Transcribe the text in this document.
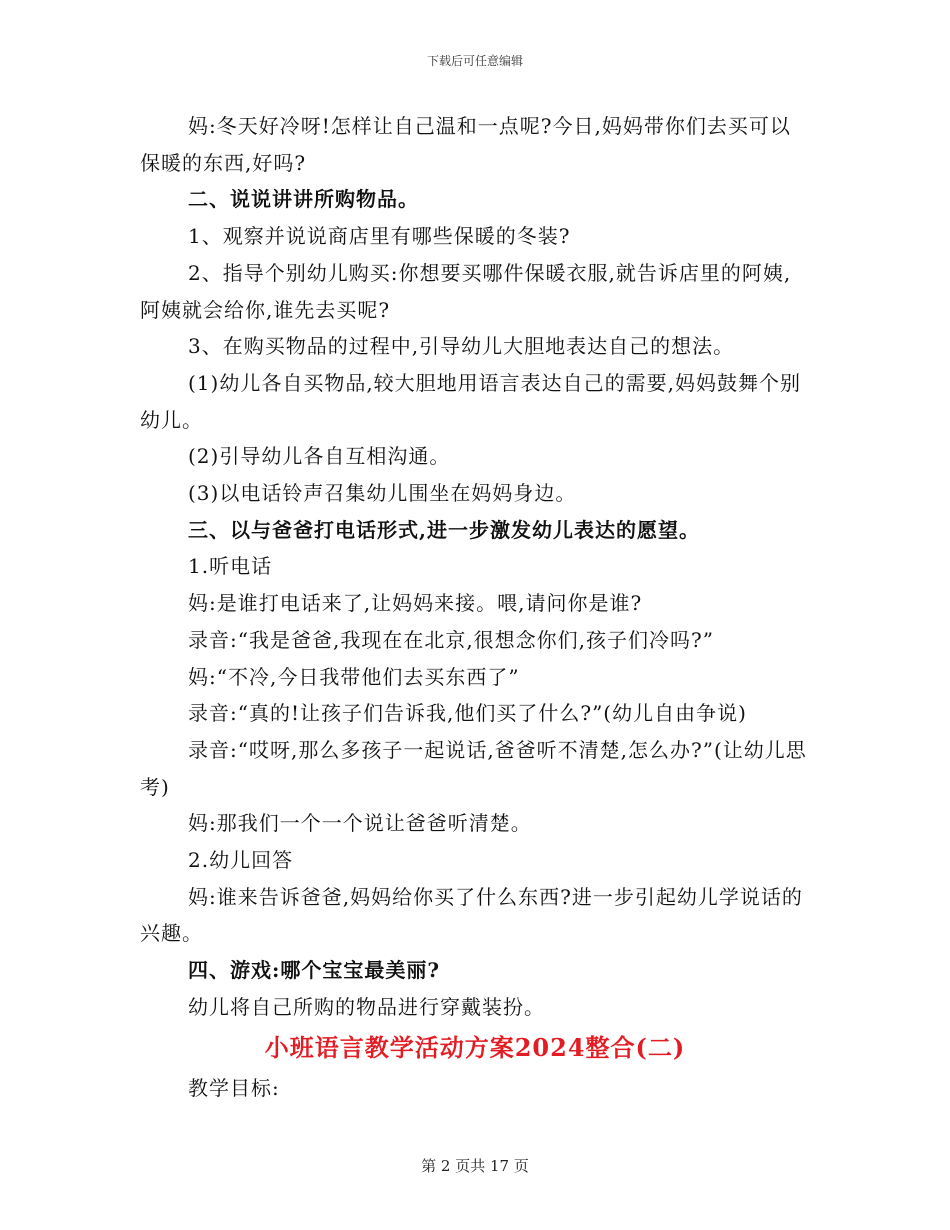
下载后可任意编辑

妈:冬天好冷呀!怎样让自己温和一点呢?今日,妈妈带你们去买可以保暖的东西,好吗?

二、说说讲讲所购物品。

1、观察并说说商店里有哪些保暖的冬装?

2、指导个别幼儿购买:你想要买哪件保暖衣服,就告诉店里的阿姨,阿姨就会给你,谁先去买呢?

3、在购买物品的过程中,引导幼儿大胆地表达自己的想法。

(1)幼儿各自买物品,较大胆地用语言表达自己的需要,妈妈鼓舞个别幼儿。

(2)引导幼儿各自互相沟通。

(3)以电话铃声召集幼儿围坐在妈妈身边。

三、以与爸爸打电话形式,进一步激发幼儿表达的愿望。

1.听电话

妈:是谁打电话来了,让妈妈来接。喂,请问你是谁?

录音:“我是爸爸,我现在在北京,很想念你们,孩子们冷吗?”

妈:“不冷,今日我带他们去买东西了”

录音:“真的!让孩子们告诉我,他们买了什么?”(幼儿自由争说)

录音:“哎呀,那么多孩子一起说话,爸爸听不清楚,怎么办?”(让幼儿思考)

妈:那我们一个一个说让爸爸听清楚。

2.幼儿回答

妈:谁来告诉爸爸,妈妈给你买了什么东西?进一步引起幼儿学说话的兴趣。

四、游戏:哪个宝宝最美丽?

幼儿将自己所购的物品进行穿戴装扮。

小班语言教学活动方案2024整合(二)

教学目标:

第 2 页共 17 页
